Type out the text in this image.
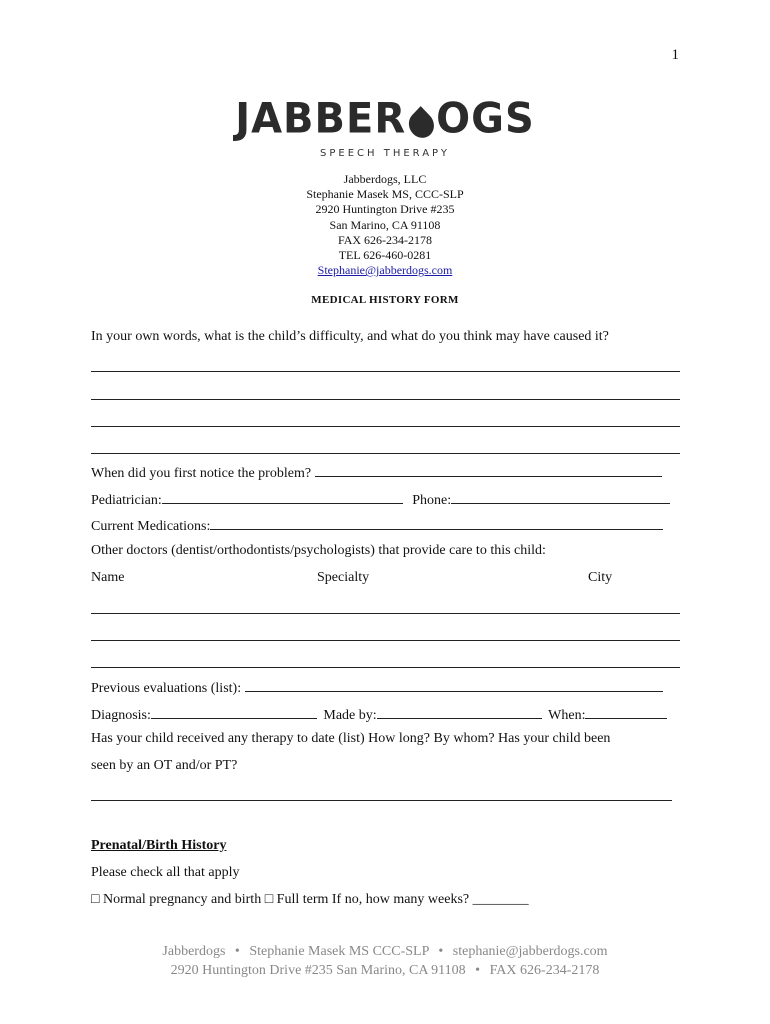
1
JABBER OGS
SPEECH THERAPY
Jabberdogs, LLC
Stephanie Masek MS, CCC-SLP
2920 Huntington Drive #235
San Marino, CA 91108
FAX 626-234-2178
TEL 626-460-0281
Stephanie@jabberdogs.com
MEDICAL HISTORY FORM
In your own words, what is the child’s difficulty, and what do you think may have caused it?
When did you first notice the problem?
Pediatrician:	Phone:
Current Medications:
Other doctors (dentist/orthodontists/psychologists) that provide care to this child:
Name	Specialty	City
Previous evaluations (list):
Diagnosis:	Made by:	When:
Has your child received any therapy to date (list) How long? By whom? Has your child been
seen by an OT and/or PT?
Prenatal/Birth History
Please check all that apply
□ Normal pregnancy and birth □ Full term If no, how many weeks? ________
Jabberdogs • Stephanie Masek MS CCC-SLP • stephanie@jabberdogs.com
2920 Huntington Drive #235 San Marino, CA 91108 • FAX 626-234-2178
